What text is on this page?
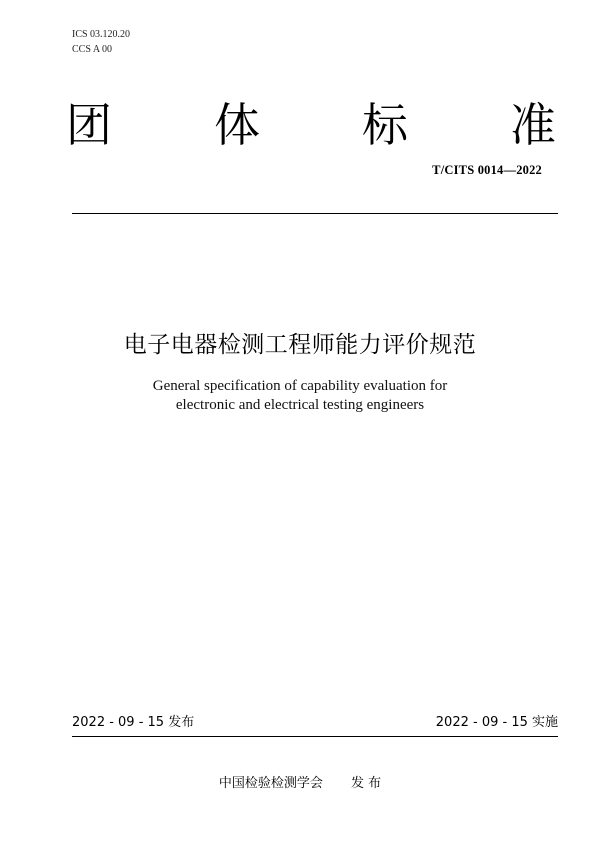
ICS 03.120.20
CCS A 00
团 体 标 准
T/CITS 0014—2022
电子电器检测工程师能力评价规范
General specification of capability evaluation for
electronic and electrical testing engineers
2022 - 09 - 15 发布	2022 - 09 - 15 实施
中国检验检测学会 发 布
